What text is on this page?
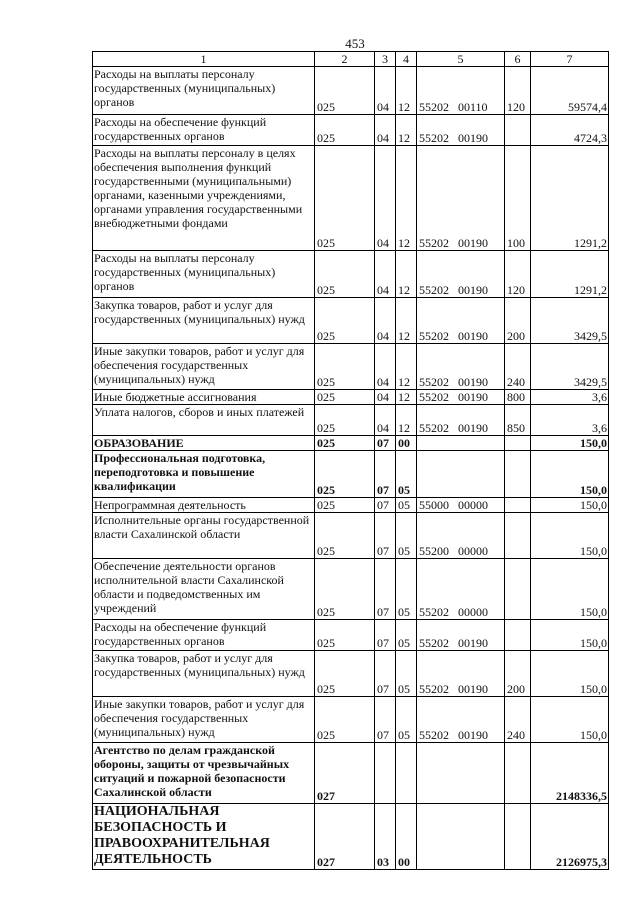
453
1	2	3	4	5	6	7
Расходы на выплаты персоналу государственных (муниципальных) органов	025	04	12	55202 00110	120	59574,4
Расходы на обеспечение функций государственных органов	025	04	12	55202 00190		4724,3
Расходы на выплаты персоналу в целях обеспечения выполнения функций государственными (муниципальными) органами, казенными учреждениями, органами управления государственными внебюджетными фондами	025	04	12	55202 00190	100	1291,2
Расходы на выплаты персоналу государственных (муниципальных) органов	025	04	12	55202 00190	120	1291,2
Закупка товаров, работ и услуг для государственных (муниципальных) нужд	025	04	12	55202 00190	200	3429,5
Иные закупки товаров, работ и услуг для обеспечения государственных (муниципальных) нужд	025	04	12	55202 00190	240	3429,5
Иные бюджетные ассигнования	025	04	12	55202 00190	800	3,6
Уплата налогов, сборов и иных платежей	025	04	12	55202 00190	850	3,6
ОБРАЗОВАНИЕ	025	07	00			150,0
Профессиональная подготовка, переподготовка и повышение квалификации	025	07	05			150,0
Непрограммная деятельность	025	07	05	55000 00000		150,0
Исполнительные органы государственной власти Сахалинской области	025	07	05	55200 00000		150,0
Обеспечение деятельности органов исполнительной власти Сахалинской области и подведомственных им учреждений	025	07	05	55202 00000		150,0
Расходы на обеспечение функций государственных органов	025	07	05	55202 00190		150,0
Закупка товаров, работ и услуг для государственных (муниципальных) нужд	025	07	05	55202 00190	200	150,0
Иные закупки товаров, работ и услуг для обеспечения государственных (муниципальных) нужд	025	07	05	55202 00190	240	150,0
Агентство по делам гражданской обороны, защиты от чрезвычайных ситуаций и пожарной безопасности Сахалинской области	027					2148336,5
НАЦИОНАЛЬНАЯ БЕЗОПАСНОСТЬ И ПРАВООХРАНИТЕЛЬНАЯ ДЕЯТЕЛЬНОСТЬ	027	03	00			2126975,3
